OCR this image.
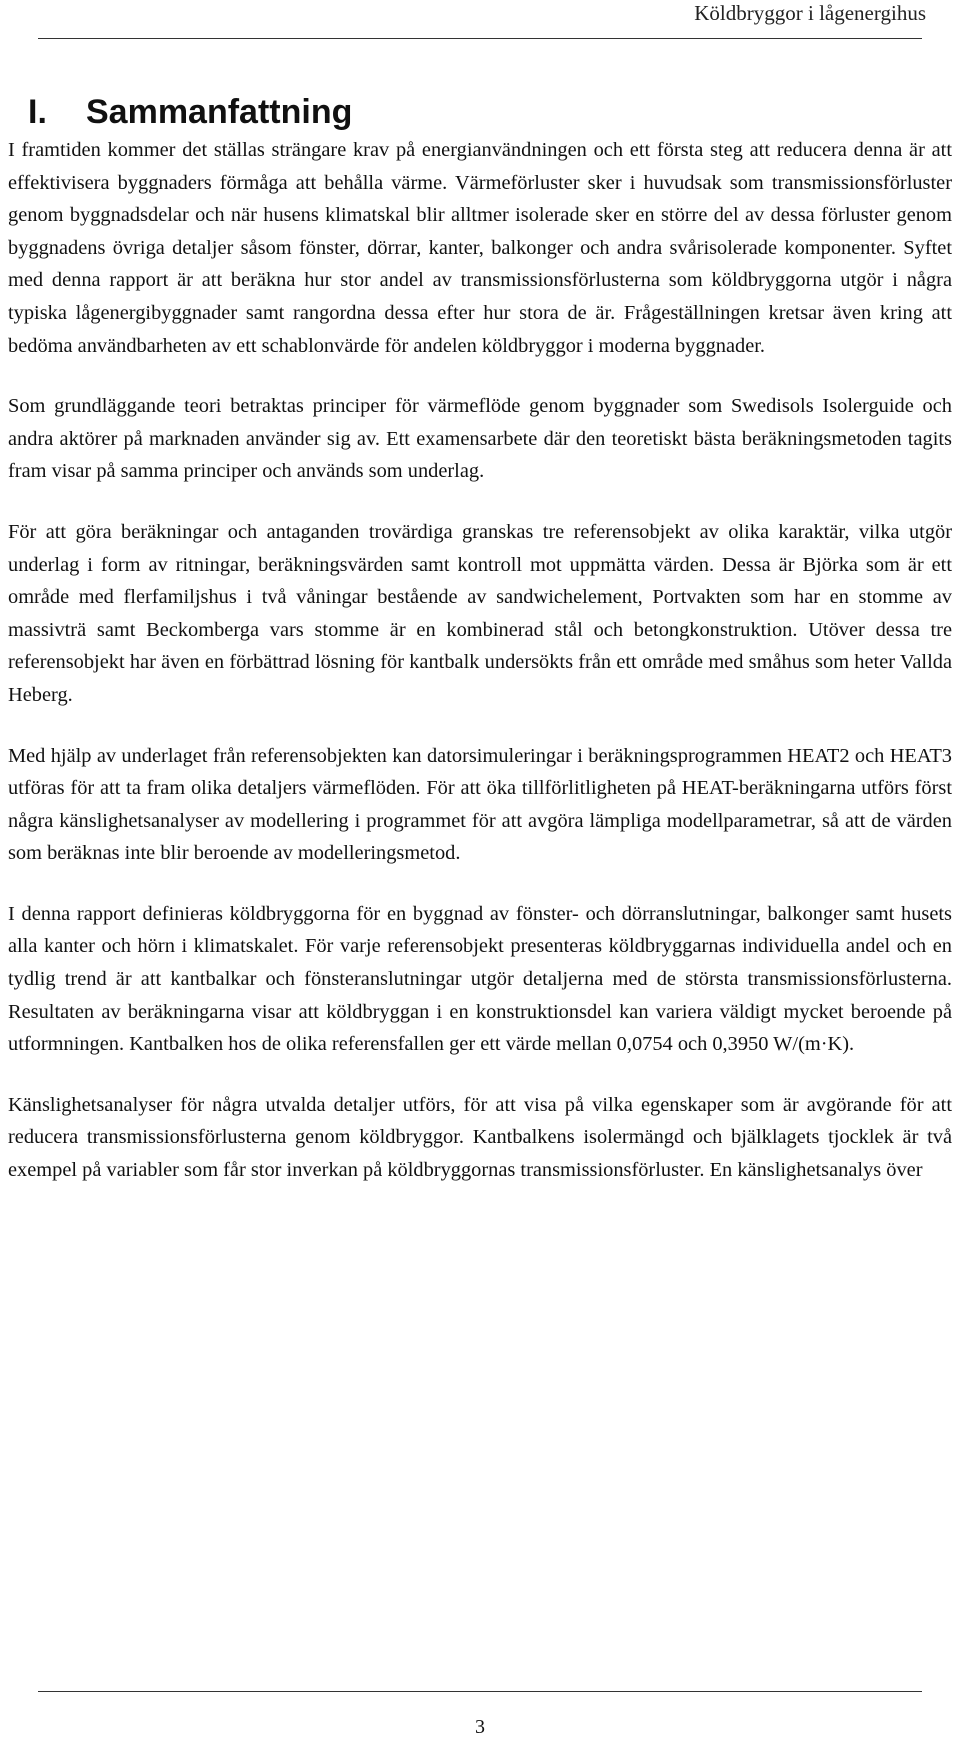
Köldbryggor i lågenergihus
I. Sammanfattning

I framtiden kommer det ställas strängare krav på energianvändningen och ett första steg att reducera denna är att effektivisera byggnaders förmåga att behålla värme. Värmeförluster sker i huvudsak som transmissionsförluster genom byggnadsdelar och när husens klimatskal blir alltmer isolerade sker en större del av dessa förluster genom byggnadens övriga detaljer såsom fönster, dörrar, kanter, balkonger och andra svårisolerade komponenter. Syftet med denna rapport är att beräkna hur stor andel av transmissionsförlusterna som köldbryggorna utgör i några typiska lågenergibyggnader samt rangordna dessa efter hur stora de är. Frågeställningen kretsar även kring att bedöma användbarheten av ett schablonvärde för andelen köldbryggor i moderna byggnader.

Som grundläggande teori betraktas principer för värmeflöde genom byggnader som Swedisols Isolerguide och andra aktörer på marknaden använder sig av. Ett examensarbete där den teoretiskt bästa beräkningsmetoden tagits fram visar på samma principer och används som underlag.

För att göra beräkningar och antaganden trovärdiga granskas tre referensobjekt av olika karaktär, vilka utgör underlag i form av ritningar, beräkningsvärden samt kontroll mot uppmätta värden. Dessa är Björka som är ett område med flerfamiljshus i två våningar bestående av sandwichelement, Portvakten som har en stomme av massivträ samt Beckomberga vars stomme är en kombinerad stål och betongkonstruktion. Utöver dessa tre referensobjekt har även en förbättrad lösning för kantbalk undersökts från ett område med småhus som heter Vallda Heberg.

Med hjälp av underlaget från referensobjekten kan datorsimuleringar i beräkningsprogrammen HEAT2 och HEAT3 utföras för att ta fram olika detaljers värmeflöden. För att öka tillförlitligheten på HEAT-beräkningarna utförs först några känslighetsanalyser av modellering i programmet för att avgöra lämpliga modellparametrar, så att de värden som beräknas inte blir beroende av modelleringsmetod.

I denna rapport definieras köldbryggorna för en byggnad av fönster- och dörranslutningar, balkonger samt husets alla kanter och hörn i klimatskalet. För varje referensobjekt presenteras köldbryggarnas individuella andel och en tydlig trend är att kantbalkar och fönsteranslutningar utgör detaljerna med de största transmissionsförlusterna. Resultaten av beräkningarna visar att köldbryggan i en konstruktionsdel kan variera väldigt mycket beroende på utformningen. Kantbalken hos de olika referensfallen ger ett värde mellan 0,0754 och 0,3950 W/(m·K).

Känslighetsanalyser för några utvalda detaljer utförs, för att visa på vilka egenskaper som är avgörande för att reducera transmissionsförlusterna genom köldbryggor. Kantbalkens isolermängd och bjälklagets tjocklek är två exempel på variabler som får stor inverkan på köldbryggornas transmissionsförluster. En känslighetsanalys över

3
